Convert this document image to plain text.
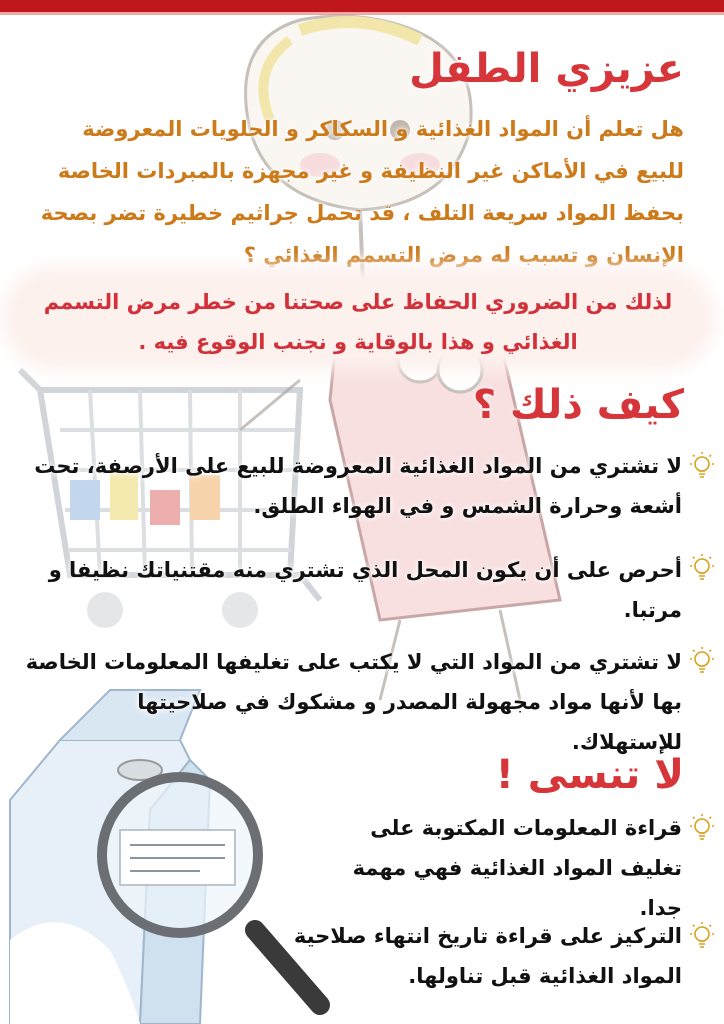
عزيزي الطفل
هل تعلم أن المواد الغذائية و السكاكر و الحلويات المعروضة للبيع في الأماكن غير النظيفة و غير مجهزة بالمبردات الخاصة بحفظ المواد سريعة التلف ، قد تحمل جراثيم خطيرة تضر بصحة الإنسان و تسبب له مرض التسمم الغذائي ؟
لذلك من الضروري الحفاظ على صحتنا من خطر مرض التسمم الغذائي و هذا بالوقاية و نجنب الوقوع فيه .
كيف ذلك ؟
لا تشتري من المواد الغذائية المعروضة للبيع على الأرصفة، تحت أشعة وحرارة الشمس و في الهواء الطلق.
أحرص على أن يكون المحل الذي تشتري منه مقتنياتك نظيفا و مرتبا.
لا تشتري من المواد التي لا يكتب على تغليفها المعلومات الخاصة بها لأنها مواد مجهولة المصدر و مشكوك في صلاحيتها للإستهلاك.
لا تنسى !
قراءة المعلومات المكتوبة على تغليف المواد الغذائية فهي مهمة جدا.
التركيز على قراءة تاريخ انتهاء صلاحية المواد الغذائية قبل تناولها.
